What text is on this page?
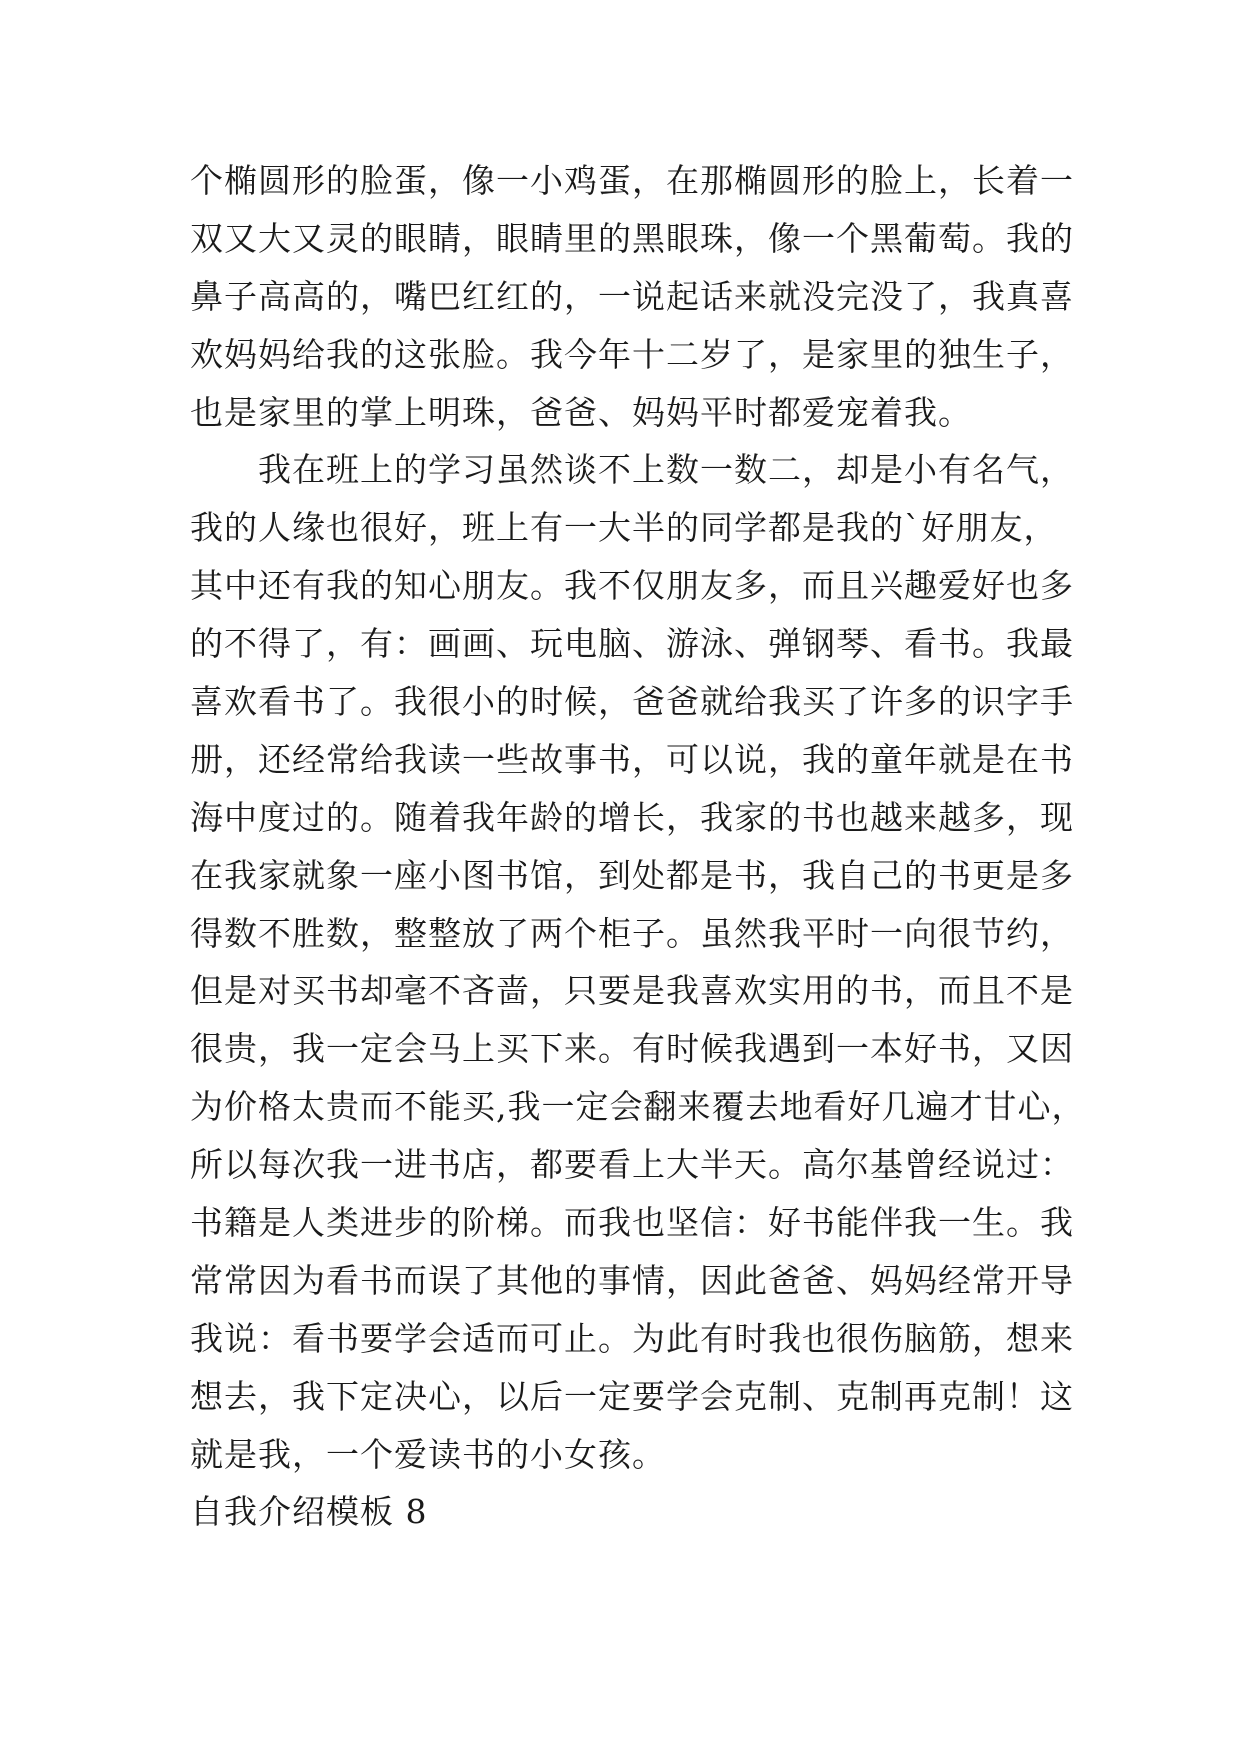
个椭圆形的脸蛋，像一小鸡蛋，在那椭圆形的脸上，长着一
双又大又灵的眼睛，眼睛里的黑眼珠，像一个黑葡萄。我的
鼻子高高的，嘴巴红红的，一说起话来就没完没了，我真喜
欢妈妈给我的这张脸。我今年十二岁了，是家里的独生子，
也是家里的掌上明珠，爸爸、妈妈平时都爱宠着我。
我在班上的学习虽然谈不上数一数二，却是小有名气，
我的人缘也很好，班上有一大半的同学都是我的`好朋友，
其中还有我的知心朋友。我不仅朋友多，而且兴趣爱好也多
的不得了，有：画画、玩电脑、游泳、弹钢琴、看书。我最
喜欢看书了。我很小的时候，爸爸就给我买了许多的识字手
册，还经常给我读一些故事书，可以说，我的童年就是在书
海中度过的。随着我年龄的增长，我家的书也越来越多，现
在我家就象一座小图书馆，到处都是书，我自己的书更是多
得数不胜数，整整放了两个柜子。虽然我平时一向很节约，
但是对买书却毫不吝啬，只要是我喜欢实用的书，而且不是
很贵，我一定会马上买下来。有时候我遇到一本好书，又因
为价格太贵而不能买,我一定会翻来覆去地看好几遍才甘心，
所以每次我一进书店，都要看上大半天。高尔基曾经说过：
书籍是人类进步的阶梯。而我也坚信：好书能伴我一生。我
常常因为看书而误了其他的事情，因此爸爸、妈妈经常开导
我说：看书要学会适而可止。为此有时我也很伤脑筋，想来
想去，我下定决心，以后一定要学会克制、克制再克制！这
就是我，一个爱读书的小女孩。
自我介绍模板 8
